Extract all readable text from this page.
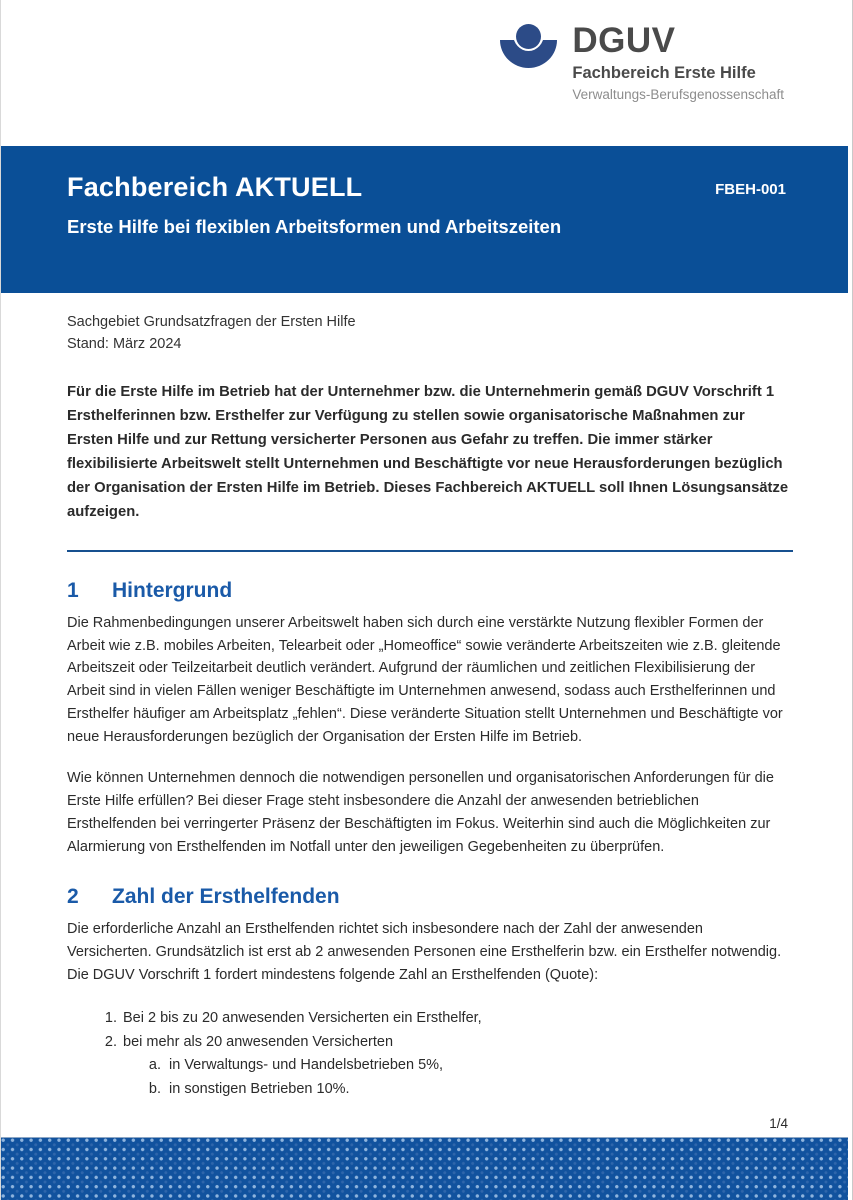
DGUV
Fachbereich Erste Hilfe
Verwaltungs-Berufsgenossenschaft
Fachbereich AKTUELL	FBEH-001
Erste Hilfe bei flexiblen Arbeitsformen und Arbeitszeiten
Sachgebiet Grundsatzfragen der Ersten Hilfe
Stand: März 2024
Für die Erste Hilfe im Betrieb hat der Unternehmer bzw. die Unternehmerin gemäß DGUV Vorschrift 1 Ersthelferinnen bzw. Ersthelfer zur Verfügung zu stellen sowie organisatorische Maßnahmen zur Ersten Hilfe und zur Rettung versicherter Personen aus Gefahr zu treffen. Die immer stärker flexibilisierte Arbeitswelt stellt Unternehmen und Beschäftigte vor neue Herausforderungen bezüglich der Organisation der Ersten Hilfe im Betrieb. Dieses Fachbereich AKTUELL soll Ihnen Lösungsansätze aufzeigen.
1	Hintergrund

Die Rahmenbedingungen unserer Arbeitswelt haben sich durch eine verstärkte Nutzung flexibler Formen der Arbeit wie z.B. mobiles Arbeiten, Telearbeit oder „Homeoffice“ sowie veränderte Arbeitszeiten wie z.B. gleitende Arbeitszeit oder Teilzeitarbeit deutlich verändert. Aufgrund der räumlichen und zeitlichen Flexibilisierung der Arbeit sind in vielen Fällen weniger Beschäftigte im Unternehmen anwesend, sodass auch Ersthelferinnen und Ersthelfer häufiger am Arbeitsplatz „fehlen“. Diese veränderte Situation stellt Unternehmen und Beschäftigte vor neue Herausforderungen bezüglich der Organisation der Ersten Hilfe im Betrieb.

Wie können Unternehmen dennoch die notwendigen personellen und organisatorischen Anforderungen für die Erste Hilfe erfüllen? Bei dieser Frage steht insbesondere die Anzahl der anwesenden betrieblichen Ersthelfenden bei verringerter Präsenz der Beschäftigten im Fokus. Weiterhin sind auch die Möglichkeiten zur Alarmierung von Ersthelfenden im Notfall unter den jeweiligen Gegebenheiten zu überprüfen.

2	Zahl der Ersthelfenden

Die erforderliche Anzahl an Ersthelfenden richtet sich insbesondere nach der Zahl der anwesenden Versicherten. Grundsätzlich ist erst ab 2 anwesenden Personen eine Ersthelferin bzw. ein Ersthelfer notwendig. Die DGUV Vorschrift 1 fordert mindestens folgende Zahl an Ersthelfenden (Quote):

1. Bei 2 bis zu 20 anwesenden Versicherten ein Ersthelfer,
2. bei mehr als 20 anwesenden Versicherten
a. in Verwaltungs- und Handelsbetrieben 5%,
b. in sonstigen Betrieben 10%.
1/4
